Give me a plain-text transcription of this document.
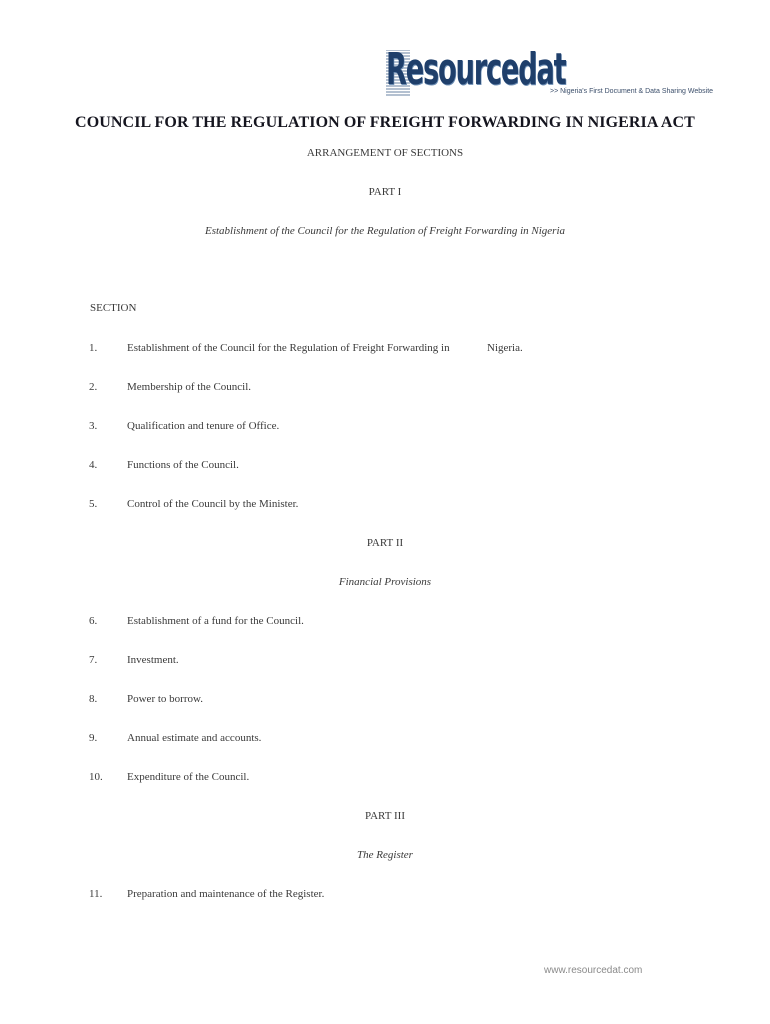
Resourcedat
>> Nigeria's First Document & Data Sharing Website
COUNCIL FOR THE REGULATION OF FREIGHT FORWARDING IN NIGERIA ACT
ARRANGEMENT OF SECTIONS
PART I
Establishment of the Council for the Regulation of Freight Forwarding in Nigeria
SECTION
1.	Establishment of the Council for the Regulation of Freight Forwarding in	Nigeria.
2.	Membership of the Council.
3.	Qualification and tenure of Office.
4.	Functions of the Council.
5.	Control of the Council by the Minister.
PART II
Financial Provisions
6.	Establishment of a fund for the Council.
7.	Investment.
8.	Power to borrow.
9.	Annual estimate and accounts.
10. Expenditure of the Council.
PART III
The Register
11. Preparation and maintenance of the Register.
www.resourcedat.com
